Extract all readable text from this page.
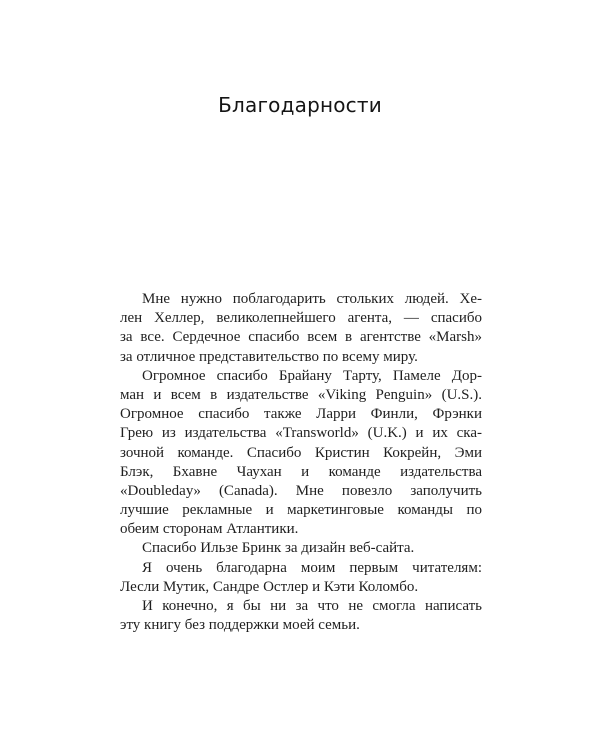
Благодарности
Мне нужно поблагодарить стольких людей. Хе-
лен Хеллер, великолепнейшего агента, — спасибо
за все. Сердечное спасибо всем в агентстве «Marsh»
за отличное представительство по всему миру.
Огромное спасибо Брайану Тарту, Памеле Дор-
ман и всем в издательстве «Viking Penguin» (U.S.).
Огромное спасибо также Ларри Финли, Фрэнки
Грею из издательства «Transworld» (U.K.) и их ска-
зочной команде. Спасибо Кристин Кокрейн, Эми
Блэк, Бхавне Чаухан и команде издательства
«Doubleday» (Canada). Мне повезло заполучить
лучшие рекламные и маркетинговые команды по
обеим сторонам Атлантики.
Спасибо Ильзе Бринк за дизайн веб-сайта.
Я очень благодарна моим первым читателям:
Лесли Мутик, Сандре Остлер и Кэти Коломбо.
И конечно, я бы ни за что не смогла написать
эту книгу без поддержки моей семьи.
